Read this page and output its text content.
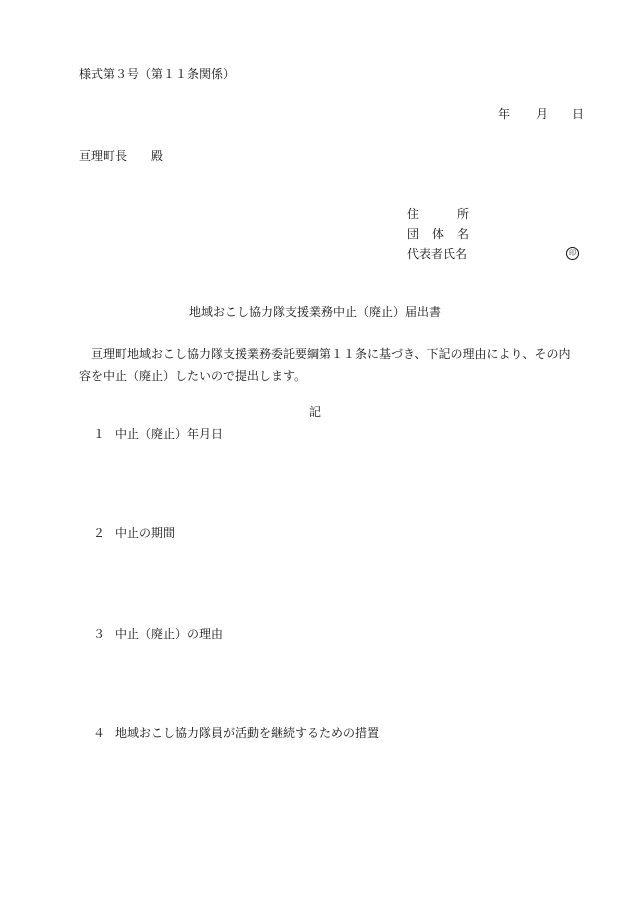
様式第３号（第１１条関係）
年 月 日
亘理町長 殿
住	所
団 体 名
代表者氏名	印
地域おこし協力隊支援業務中止（廃止）届出書

亘理町地域おこし協力隊支援業務委託要綱第１１条に基づき、下記の理由により、その内

容を中止（廃止）したいので提出します。

記
１ 中止（廃止）年月日
２ 中止の期間
３ 中止（廃止）の理由
４ 地域おこし協力隊員が活動を継続するための措置
